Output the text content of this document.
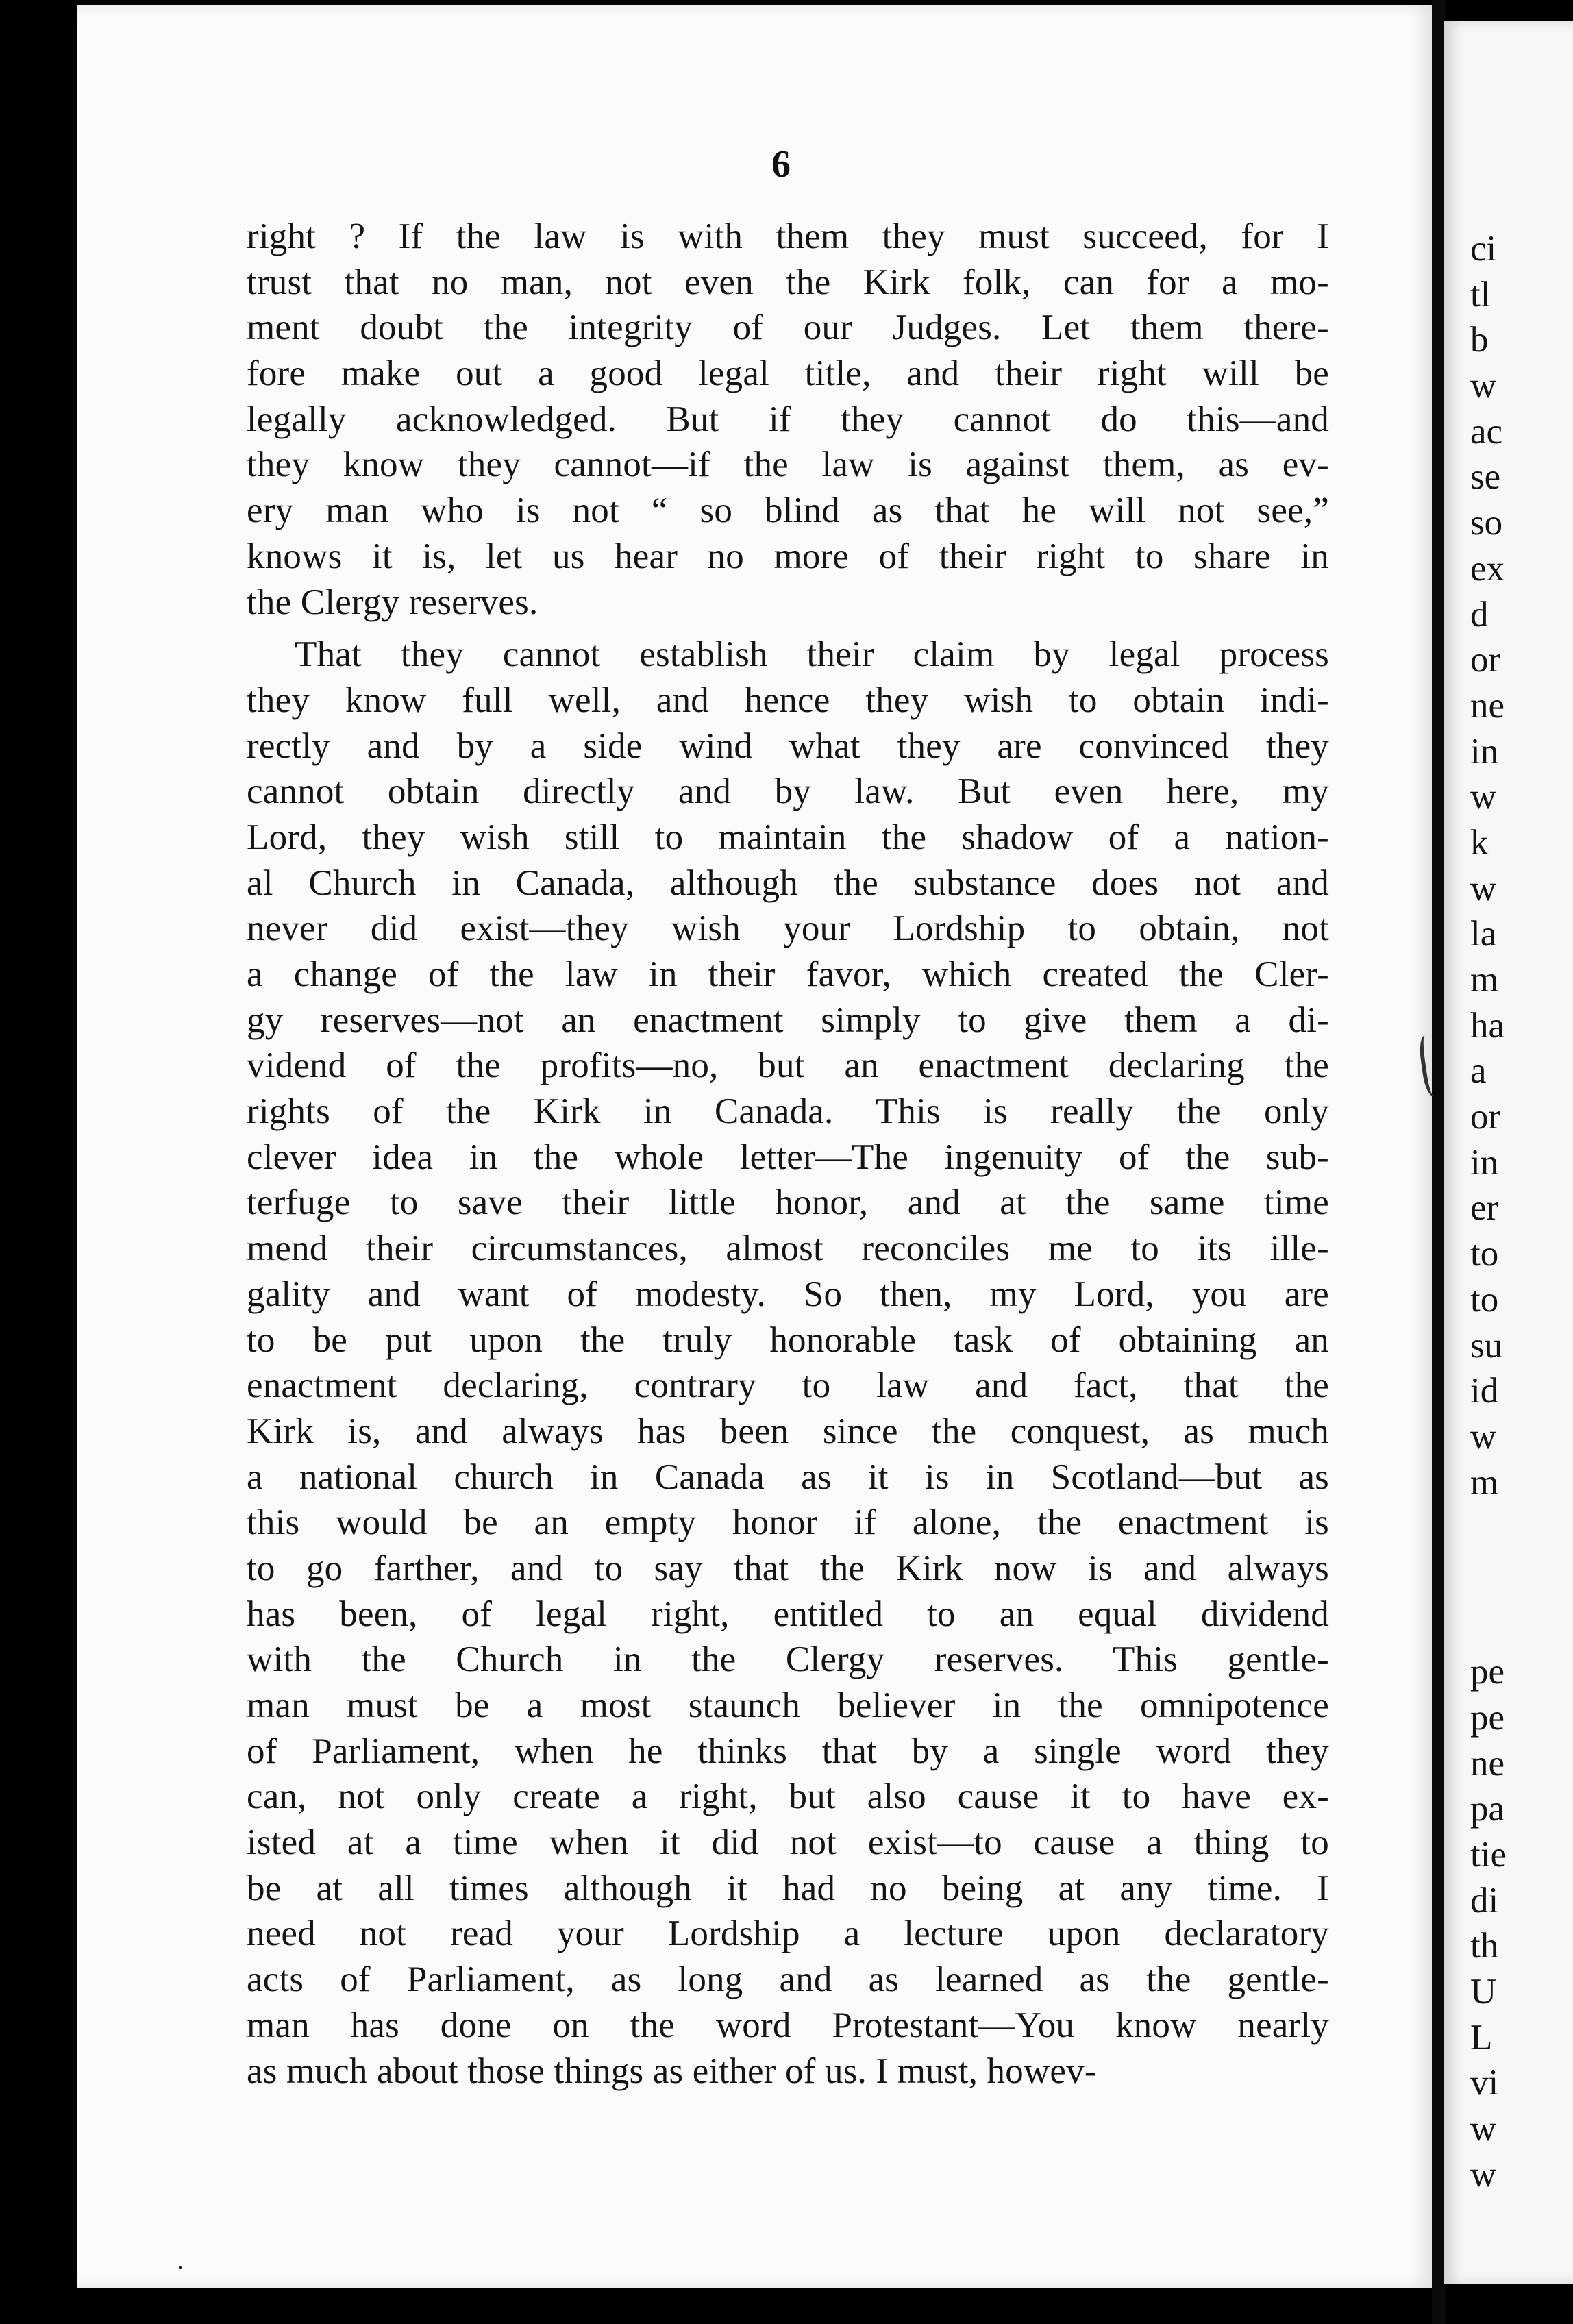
ci
tl
b
w
ac
se
so
ex
d
or
ne
in
w
k
w
la
m
ha
a
or
in
er
to
to
su
id
w
m
pe
pe
ne
pa
tie
di
th
U
L
vi
w
w
6
right ? If the law is with them they must succeed, for I
trust that no man, not even the Kirk folk, can for a mo-
ment doubt the integrity of our Judges. Let them there-
fore make out a good legal title, and their right will be
legally acknowledged. But if they cannot do this—and
they know they cannot—if the law is against them, as ev-
ery man who is not “ so blind as that he will not see,”
knows it is, let us hear no more of their right to share in
the Clergy reserves.
That they cannot establish their claim by legal process
they know full well, and hence they wish to obtain indi-
rectly and by a side wind what they are convinced they
cannot obtain directly and by law. But even here, my
Lord, they wish still to maintain the shadow of a nation-
al Church in Canada, although the substance does not and
never did exist—they wish your Lordship to obtain, not
a change of the law in their favor, which created the Cler-
gy reserves—not an enactment simply to give them a di-
vidend of the profits—no, but an enactment declaring the
rights of the Kirk in Canada. This is really the only
clever idea in the whole letter—The ingenuity of the sub-
terfuge to save their little honor, and at the same time
mend their circumstances, almost reconciles me to its ille-
gality and want of modesty. So then, my Lord, you are
to be put upon the truly honorable task of obtaining an
enactment declaring, contrary to law and fact, that the
Kirk is, and always has been since the conquest, as much
a national church in Canada as it is in Scotland—but as
this would be an empty honor if alone, the enactment is
to go farther, and to say that the Kirk now is and always
has been, of legal right, entitled to an equal dividend
with the Church in the Clergy reserves. This gentle-
man must be a most staunch believer in the omnipotence
of Parliament, when he thinks that by a single word they
can, not only create a right, but also cause it to have ex-
isted at a time when it did not exist—to cause a thing to
be at all times although it had no being at any time. I
need not read your Lordship a lecture upon declaratory
acts of Parliament, as long and as learned as the gentle-
man has done on the word Protestant—You know nearly
as much about those things as either of us. I must, howev-
